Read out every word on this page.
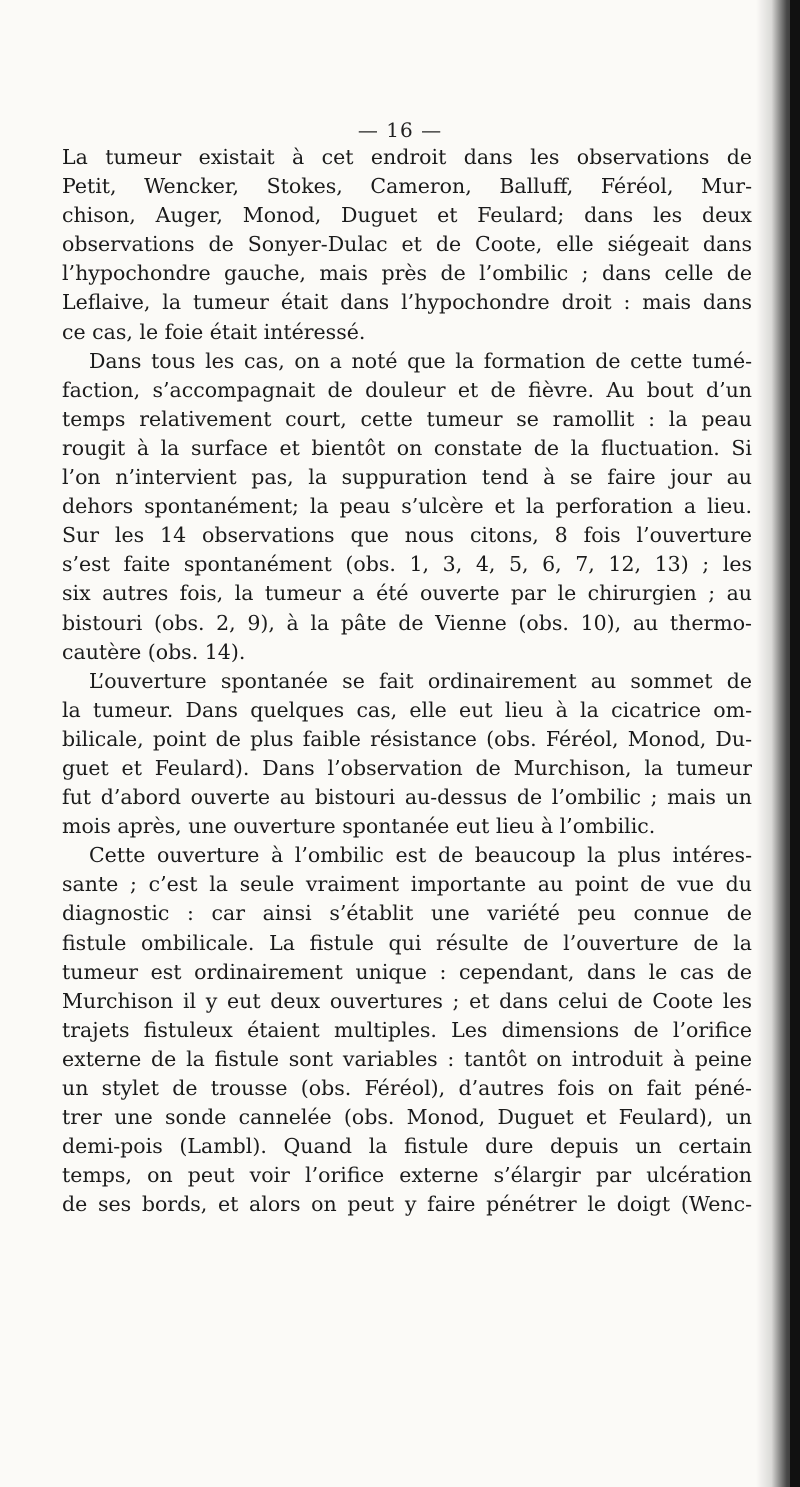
— 16 —
La tumeur existait à cet endroit dans les observations de
Petit, Wencker, Stokes, Cameron, Balluff, Féréol, Mur-
chison, Auger, Monod, Duguet et Feulard; dans les deux
observations de Sonyer-Dulac et de Coote, elle siégeait dans
l’hypochondre gauche, mais près de l’ombilic ; dans celle de
Leflaive, la tumeur était dans l’hypochondre droit : mais dans
ce cas, le foie était intéressé.
Dans tous les cas, on a noté que la formation de cette tumé-
faction, s’accompagnait de douleur et de fièvre. Au bout d’un
temps relativement court, cette tumeur se ramollit : la peau
rougit à la surface et bientôt on constate de la fluctuation. Si
l’on n’intervient pas, la suppuration tend à se faire jour au
dehors spontanément; la peau s’ulcère et la perforation a lieu.
Sur les 14 observations que nous citons, 8 fois l’ouverture
s’est faite spontanément (obs. 1, 3, 4, 5, 6, 7, 12, 13) ; les
six autres fois, la tumeur a été ouverte par le chirurgien ; au
bistouri (obs. 2, 9), à la pâte de Vienne (obs. 10), au thermo-
cautère (obs. 14).
L’ouverture spontanée se fait ordinairement au sommet de
la tumeur. Dans quelques cas, elle eut lieu à la cicatrice om-
bilicale, point de plus faible résistance (obs. Féréol, Monod, Du-
guet et Feulard). Dans l’observation de Murchison, la tumeur
fut d’abord ouverte au bistouri au-dessus de l’ombilic ; mais un
mois après, une ouverture spontanée eut lieu à l’ombilic.
Cette ouverture à l’ombilic est de beaucoup la plus intéres-
sante ; c’est la seule vraiment importante au point de vue du
diagnostic : car ainsi s’établit une variété peu connue de
fistule ombilicale. La fistule qui résulte de l’ouverture de la
tumeur est ordinairement unique : cependant, dans le cas de
Murchison il y eut deux ouvertures ; et dans celui de Coote les
trajets fistuleux étaient multiples. Les dimensions de l’orifice
externe de la fistule sont variables : tantôt on introduit à peine
un stylet de trousse (obs. Féréol), d’autres fois on fait péné-
trer une sonde cannelée (obs. Monod, Duguet et Feulard), un
demi-pois (Lambl). Quand la fistule dure depuis un certain
temps, on peut voir l’orifice externe s’élargir par ulcération
de ses bords, et alors on peut y faire pénétrer le doigt (Wenc-
